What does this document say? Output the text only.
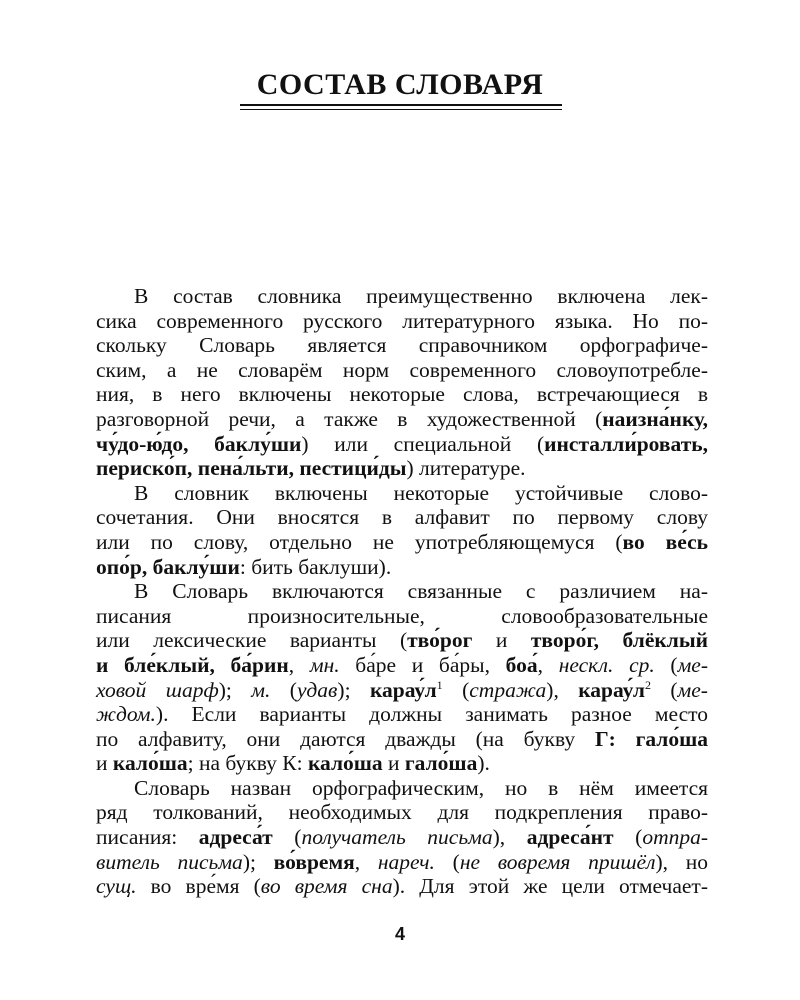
СОСТАВ СЛОВАРЯ
В состав словника преимущественно включена лек-
сика современного русского литературного языка. Но по-
скольку Словарь является справочником орфографиче-
ским, а не словарём норм современного словоупотребле-
ния, в него включены некоторые слова, встречающиеся в
разговорной речи, а также в художественной (наизна́нку,
чу́до-ю́до, баклу́ши) или специальной (инсталли́ровать,
периско́п, пена́льти, пестици́ды) литературе.
В словник включены некоторые устойчивые слово-
сочетания. Они вносятся в алфавит по первому слову
или по слову, отдельно не употребляющемуся (во ве́сь
опо́р, баклу́ши: бить баклуши).
В Словарь включаются связанные с различием на-
писания произносительные, словообразовательные
или лексические варианты (тво́рог и творо́г, блёклый
и бле́клый, ба́рин, мн. ба́ре и ба́ры, боа́, нескл. ср. (ме-
ховой шарф); м. (удав); $карау́л^1$ (стража), $карау́л^2$ (ме-
ждом.). Если варианты должны занимать разное место
по алфавиту, они даются дважды (на букву Г: гало́ша
и кало́ша; на букву К: кало́ша и гало́ша).
Словарь назван орфографическим, но в нём имеется
ряд толкований, необходимых для подкрепления право-
писания: адреса́т (получатель письма), адреса́нт (отпра-
витель письма); во́время, нареч. (не вовремя пришёл), но
сущ. во вре́мя (во время сна). Для этой же цели отмечает-
4
